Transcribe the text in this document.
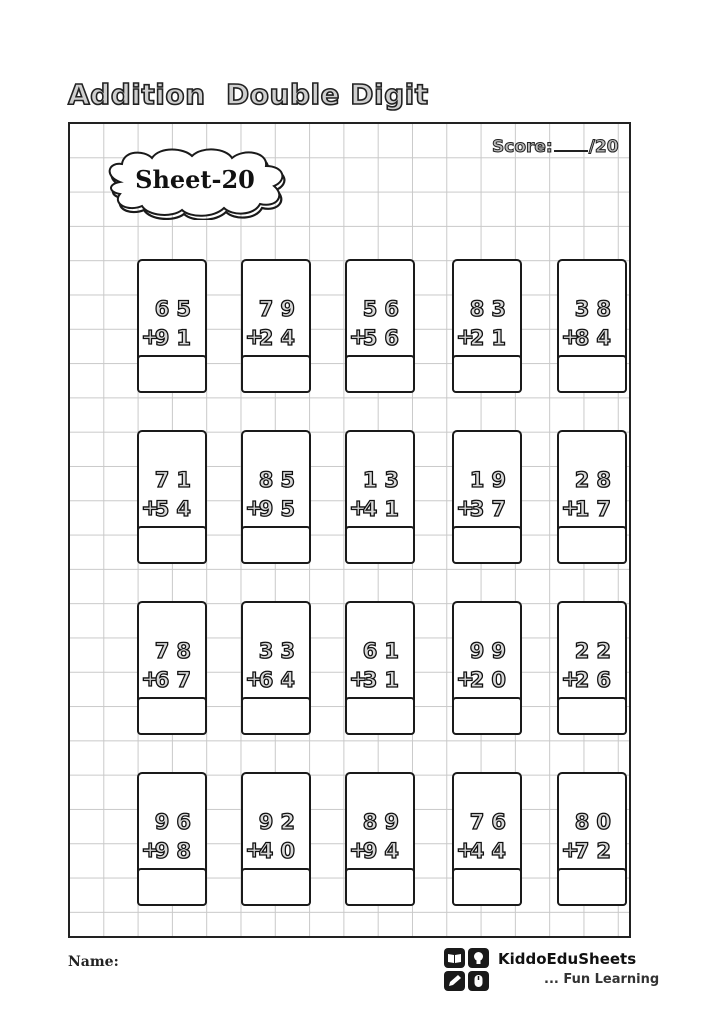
Addition  Double Digit
Sheet-20
Score: /20
65
+
91
79
+
24
56
+
56
83
+
21
38
+
84
71
+
54
85
+
95
13
+
41
19
+
37
28
+
17
78
+
67
33
+
64
61
+
31
99
+
20
22
+
26
96
+
98
92
+
40
89
+
94
76
+
44
80
+
72
Name:	KiddoEduSheets
... Fun Learning
